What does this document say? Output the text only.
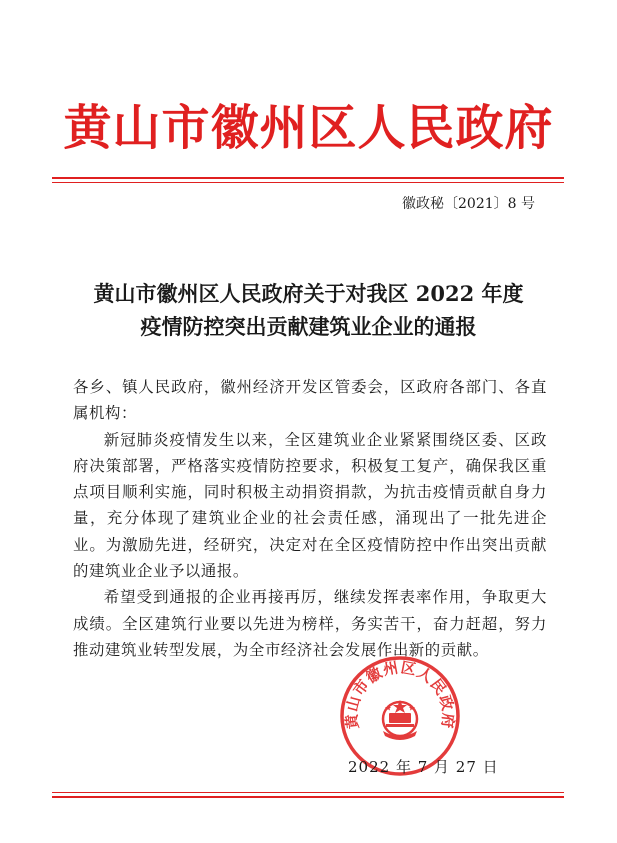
黄山市徽州区人民政府
徽政秘〔2021〕8 号
黄山市徽州区人民政府关于对我区 2022 年度
疫情防控突出贡献建筑业企业的通报

各乡、镇人民政府，徽州经济开发区管委会，区政府各部门、各直属机构：

新冠肺炎疫情发生以来，全区建筑业企业紧紧围绕区委、区政府决策部署，严格落实疫情防控要求，积极复工复产，确保我区重点项目顺利实施，同时积极主动捐资捐款，为抗击疫情贡献自身力量，充分体现了建筑业企业的社会责任感，涌现出了一批先进企业。为激励先进，经研究，决定对在全区疫情防控中作出突出贡献的建筑业企业予以通报。

希望受到通报的企业再接再厉，继续发挥表率作用，争取更大成绩。全区建筑行业要以先进为榜样，务实苦干，奋力赶超，努力推动建筑业转型发展，为全市经济社会发展作出新的贡献。

黄山市徽州区人民政府
2022 年 7 月 27 日
